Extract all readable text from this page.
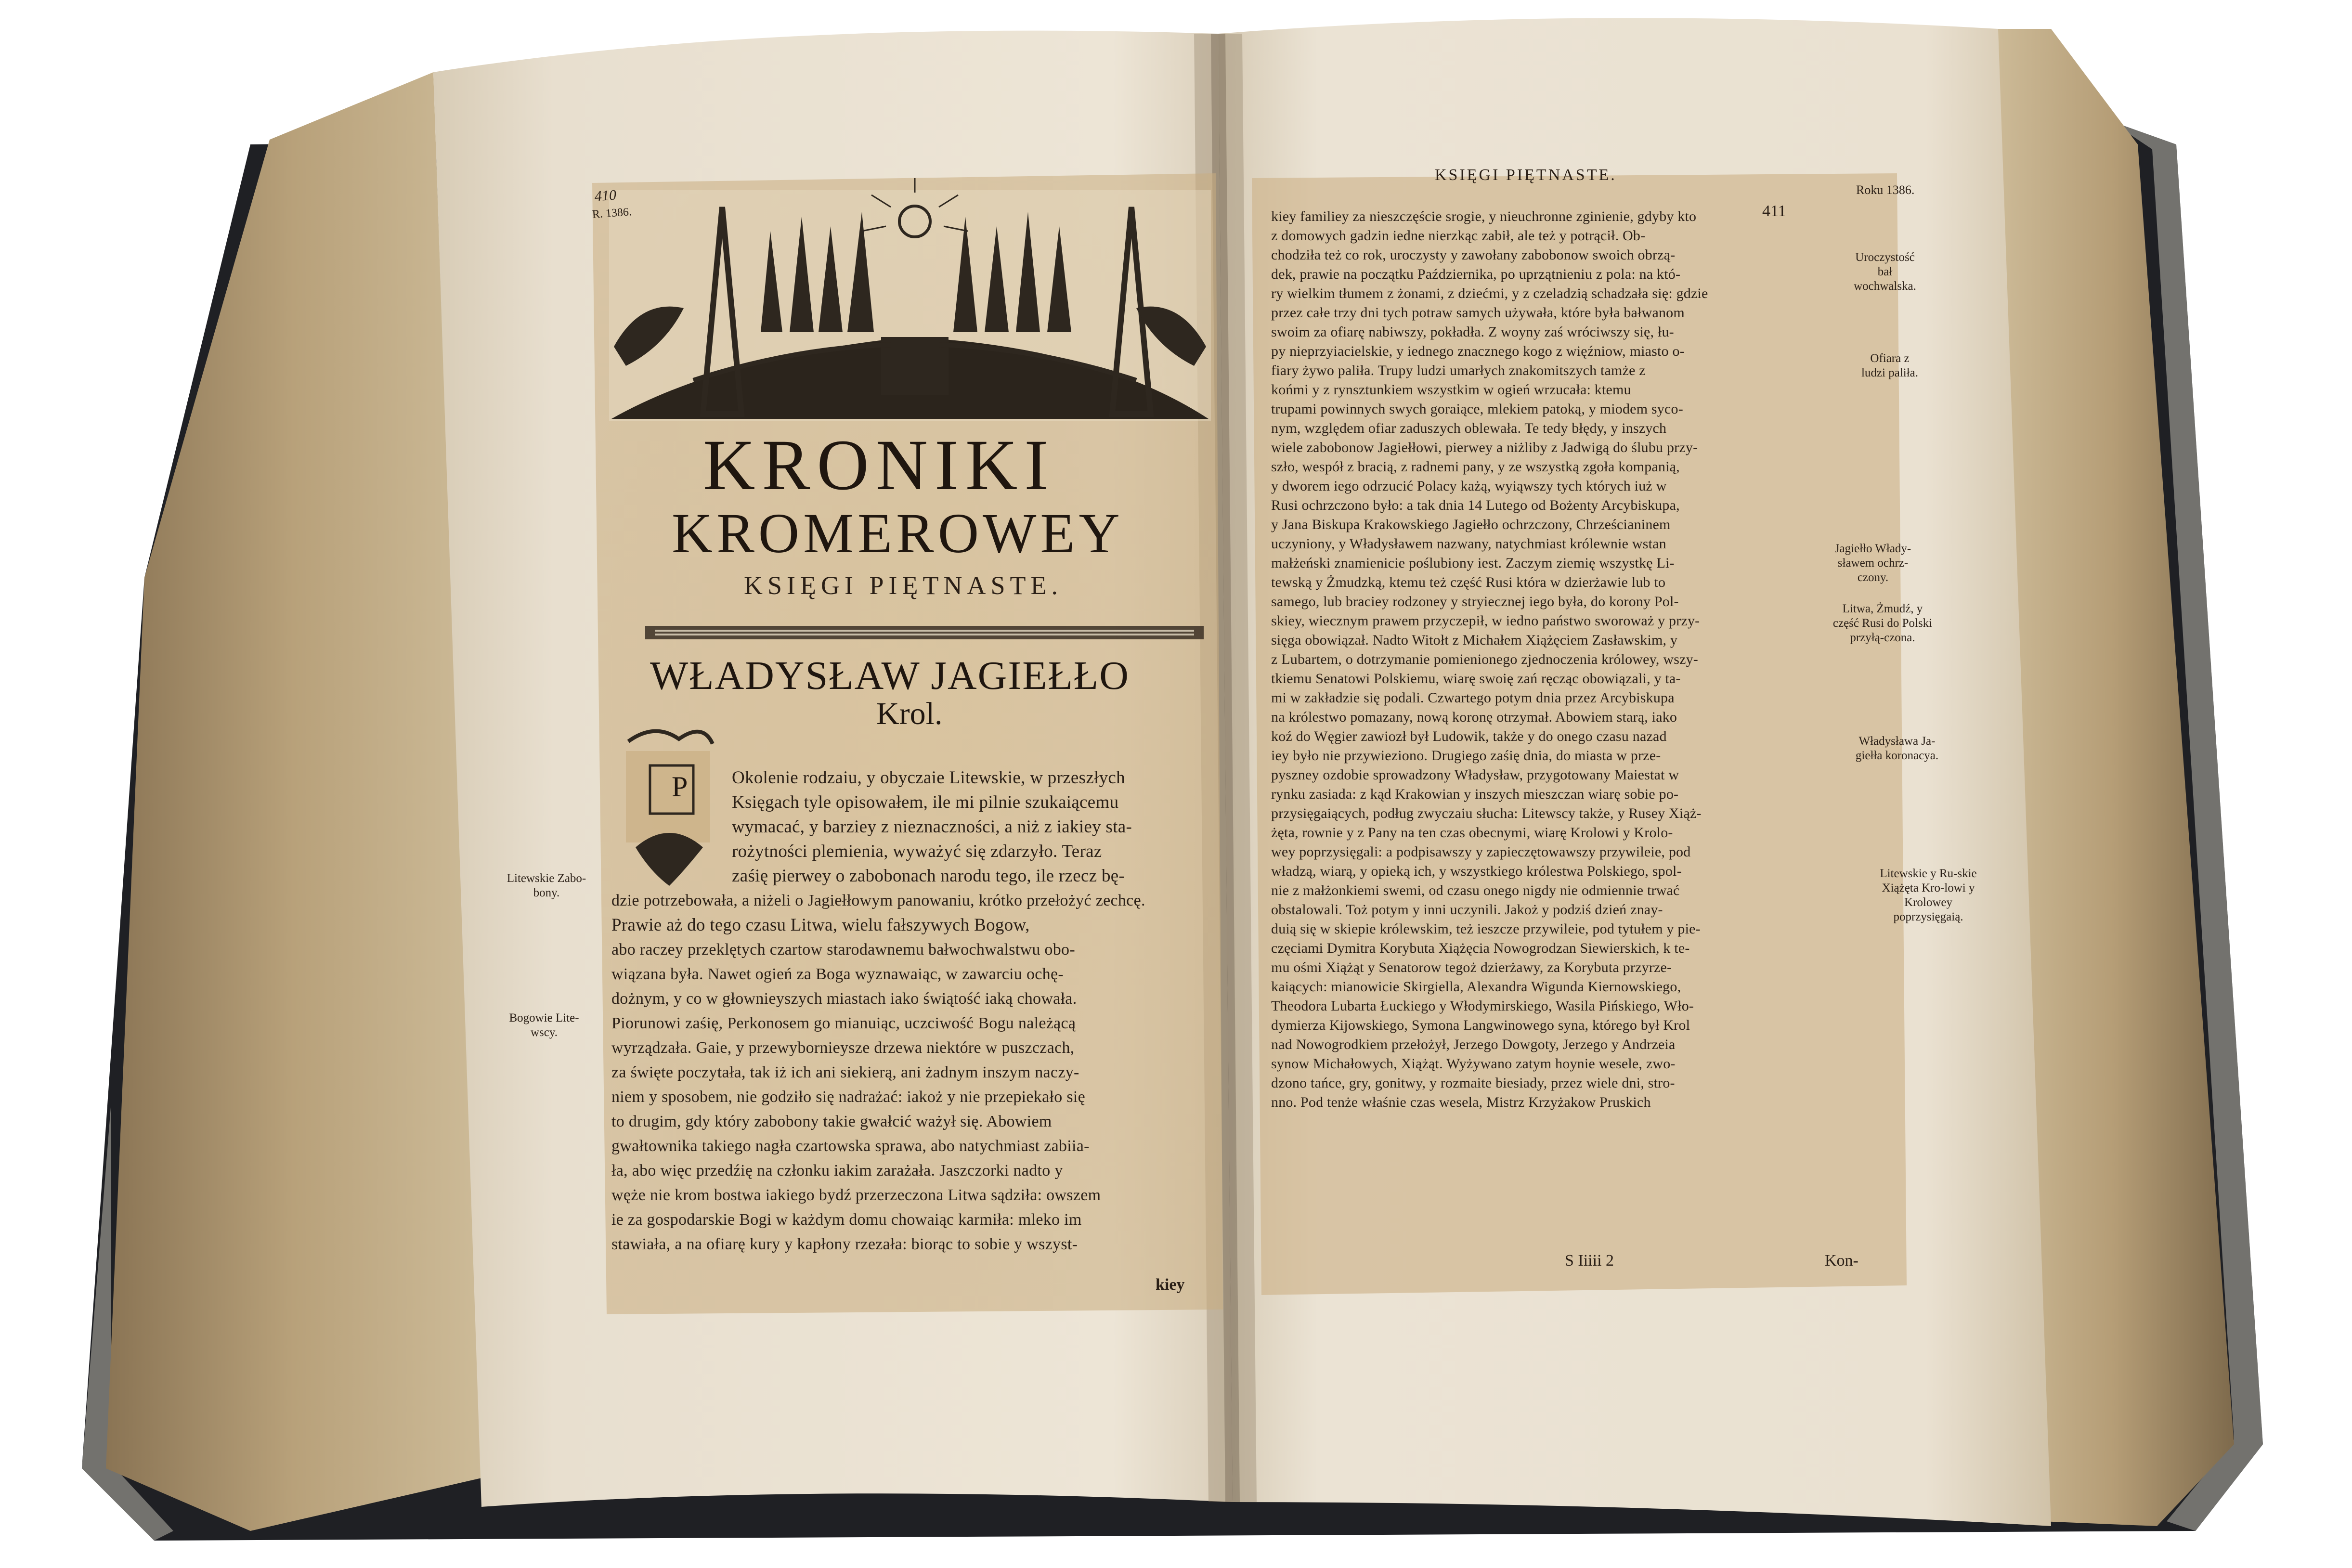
410
R. 1386.
KSIĘGI PIĘTNASTE.
411
Roku 1386.
KRONIKI
KROMEROWEY
KSIĘGI PIĘTNASTE.
WŁADYSŁAW JAGIEŁŁO
Krol.
P	Okolenie rodzaiu, y obyczaie Litewskie, w przeszłych
Księgach tyle opisowałem, ile mi pilnie szukaiącemu
wymacać, y barziey z nieznaczności, a niż z iakiey sta-
rożytności plemienia, wyważyć się zdarzyło. Teraz
zaśię pierwey o zabobonach narodu tego, ile rzecz bę-
dzie potrzebowała, a niżeli o Jagiełłowym panowaniu, krótko przełożyć zechcę.
Prawie aż do tego czasu Litwa, wielu fałszywych Bogow,
abo raczey przeklętych czartow starodawnemu bałwochwalstwu obo-
wiązana była. Nawet ogień za Boga wyznawaiąc, w zawarciu ochę-
dożnym, y co w głownieyszych miastach iako świątość iaką chowała.
Piorunowi zaśię, Perkonosem go mianuiąc, uczciwość Bogu należącą
wyrządzała. Gaie, y przewybornieysze drzewa niektóre w puszczach,
za święte poczytała, tak iż ich ani siekierą, ani żadnym inszym naczy-
niem y sposobem, nie godziło się nadrażać: iakoż y nie przepiekało się
to drugim, gdy który zabobony takie gwałcić ważył się. Abowiem
gwałtownika takiego nagła czartowska sprawa, abo natychmiast zabiia-
ła, abo więc przedźię na członku iakim zarażała. Jaszczorki nadto y
węże nie krom bostwa iakiego bydź przerzeczona Litwa sądziła: owszem
ie za gospodarskie Bogi w każdym domu chowaiąc karmiła: mleko im
stawiała, a na ofiarę kury y kapłony rzezała: biorąc to sobie y wszyst-
kiey
Litewskie Zabo-bony.
Bogowie Lite-wscy.
kiey familiey za nieszczęście srogie, y nieuchronne zginienie, gdyby kto
z domowych gadzin iedne nierzkąc zabił, ale też y potrącił. Ob-
chodziła też co rok, uroczysty y zawołany zabobonow swoich obrzą-
dek, prawie na początku Października, po uprzątnieniu z pola: na któ-
ry wielkim tłumem z żonami, z dziećmi, y z czeladzią schadzała się: gdzie
przez całe trzy dni tych potraw samych używała, które była bałwanom
swoim za ofiarę nabiwszy, pokładła. Z woyny zaś wróciwszy się, łu-
py nieprzyiacielskie, y iednego znacznego kogo z więźniow, miasto o-
fiary żywo paliła. Trupy ludzi umarłych znakomitszych tamże z
końmi y z rynsztunkiem wszystkim w ogień wrzucała: ktemu
trupami powinnych swych goraiące, mlekiem patoką, y miodem syco-
nym, względem ofiar zaduszych oblewała. Te tedy błędy, y inszych
wiele zabobonow Jagiełłowi, pierwey a niżliby z Jadwigą do ślubu przy-
szło, wespół z bracią, z radnemi pany, y ze wszystką zgoła kompanią,
y dworem iego odrzucić Polacy każą, wyiąwszy tych których iuż w
Rusi ochrzczono było: a tak dnia 14 Lutego od Bożenty Arcybiskupa,
y Jana Biskupa Krakowskiego Jagiełło ochrzczony, Chrześcianinem
uczyniony, y Władysławem nazwany, natychmiast królewnie wstan
małżeński znamienicie poślubiony iest. Zaczym ziemię wszystkę Li-
tewską y Żmudzką, ktemu też część Rusi która w dzierżawie lub to
samego, lub braciey rodzoney y stryiecznej iego była, do korony Pol-
skiey, wiecznym prawem przyczepił, w iedno państwo sworoważ y przy-
sięga obowiązał. Nadto Witołt z Michałem Xiążęciem Zasławskim, y
z Lubartem, o dotrzymanie pomienionego zjednoczenia królowey, wszy-
tkiemu Senatowi Polskiemu, wiarę swoię zań ręcząc obowiązali, y ta-
mi w zakładzie się podali. Czwartego potym dnia przez Arcybiskupa
na królestwo pomazany, nową koronę otrzymał. Abowiem starą, iako
koź do Węgier zawiozł był Ludowik, także y do onego czasu nazad
iey było nie przywieziono. Drugiego zaśię dnia, do miasta w prze-
pyszney ozdobie sprowadzony Władysław, przygotowany Maiestat w
rynku zasiada: z kąd Krakowian y inszych mieszczan wiarę sobie po-
przysięgaiących, podług zwyczaiu słucha: Litewscy także, y Rusey Xiąż-
żęta, rownie y z Pany na ten czas obecnymi, wiarę Krolowi y Krolo-
wey poprzysięgali: a podpisawszy y zapieczętowawszy przywileie, pod
władzą, wiarą, y opieką ich, y wszystkiego królestwa Polskiego, spol-
nie z małżonkiemi swemi, od czasu onego nigdy nie odmiennie trwać
obstalowali. Toż potym y inni uczynili. Jakoż y podziś dzień znay-
duią się w skiepie królewskim, też ieszcze przywileie, pod tytułem y pie-
częciami Dymitra Korybuta Xiążęcia Nowogrodzan Siewierskich, k te-
mu ośmi Xiążąt y Senatorow tegoż dzierżawy, za Korybuta przyrze-
kaiących: mianowicie Skirgiella, Alexandra Wigunda Kiernowskiego,
Theodora Lubarta Łuckiego y Włodymirskiego, Wasila Pińskiego, Wło-
dymierza Kijowskiego, Symona Langwinowego syna, którego był Krol
nad Nowogrodkiem przełożył, Jerzego Dowgoty, Jerzego y Andrzeia
synow Michałowych, Xiążąt. Wyżywano zatym hoynie wesele, zwo-
dzono tańce, gry, gonitwy, y rozmaite biesiady, przez wiele dni, stro-
nno. Pod tenże właśnie czas wesela, Mistrz Krzyżakow Pruskich
S Iiiii 2	Kon-
Uroczystość bał wochwalska.
Ofiara z ludzi paliła.
Jagiełło Włady-sławem ochrz-czony.
Litwa, Żmudź, y część Rusi do Polski przyłą-czona.
Władysława Ja-giełła koronacya.
Litewskie y Ru-skie Xiążęta Kro-lowi y Krolowey poprzysięgaią.
